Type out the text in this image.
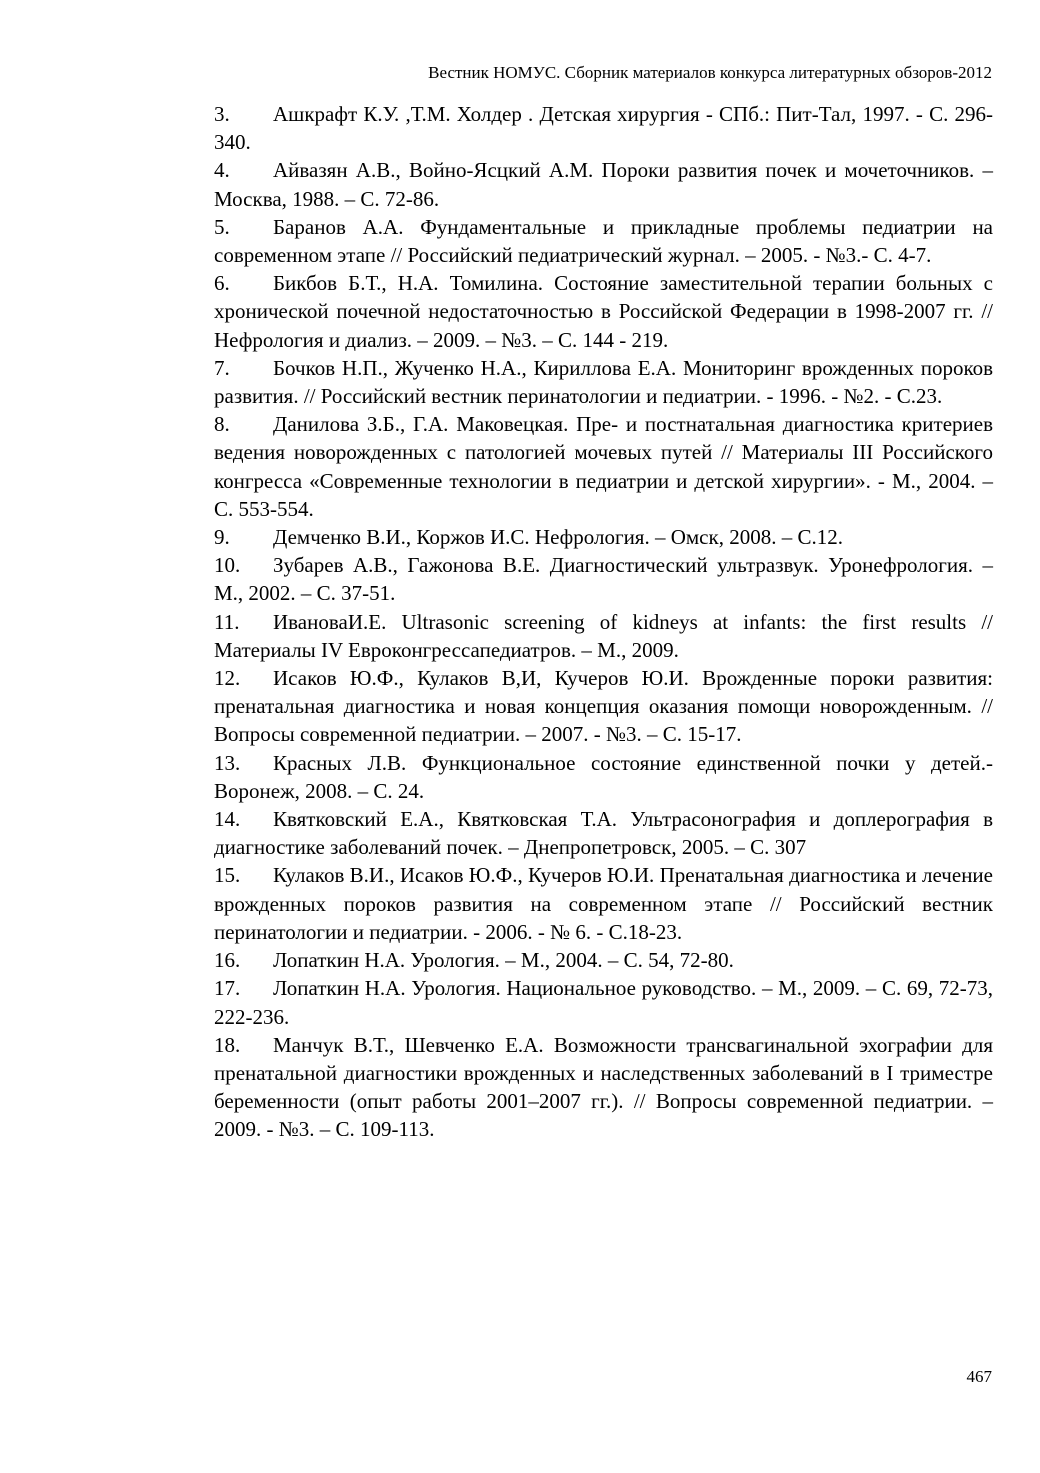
Вестник НОМУС. Сборник материалов конкурса литературных обзоров-2012

3. Ашкрафт К.У. ,Т.М. Холдер . Детская хирургия - СПб.: Пит-Тал, 1997. - С. 296-340.

4. Айвазян А.В., Войно-Ясцкий А.М. Пороки развития почек и мочеточников. – Москва, 1988. – С. 72-86.

5. Баранов А.А. Фундаментальные и прикладные проблемы педиатрии на современном этапе // Российский педиатрический журнал. – 2005. - №3.- С. 4-7.

6. Бикбов Б.Т., Н.А. Томилина. Состояние заместительной терапии больных с хронической почечной недостаточностью в Российской Федерации в 1998-2007 гг. // Нефрология и диализ. – 2009. – №3. – С. 144 - 219.

7. Бочков Н.П., Жученко Н.А., Кириллова Е.А. Мониторинг врожденных пороков развития. // Российский вестник перинатологии и педиатрии. - 1996. - №2. - С.23.

8. Данилова З.Б., Г.А. Маковецкая. Пре- и постнатальная диагностика критериев ведения новорожденных с патологией мочевых путей // Материалы III Российского конгресса «Современные технологии в педиатрии и детской хирургии». - М., 2004. – С. 553-554.

9. Демченко В.И., Коржов И.С. Нефрология. – Омск, 2008. – С.12.

10. Зубарев А.В., Гажонова В.Е. Диагностический ультразвук. Уронефрология. – М., 2002. – С. 37-51.

11. ИвановаИ.Е. Ultrasonic screening of kidneys at infants: the first results // Материалы IV Евроконгрессапедиатров. – М., 2009.

12. Исаков Ю.Ф., Кулаков В,И, Кучеров Ю.И. Врожденные пороки развития: пренатальная диагностика и новая концепция оказания помощи новорожденным. // Вопросы современной педиатрии. – 2007. - №3. – С. 15-17.

13. Красных Л.В. Функциональное состояние единственной почки у детей.- Воронеж, 2008. – С. 24.

14. Квятковский Е.А., Квятковская Т.А. Ультрасонография и доплерография в диагностике заболеваний почек. – Днепропетровск, 2005. – С. 307

15. Кулаков В.И., Исаков Ю.Ф., Кучеров Ю.И. Пренатальная диагностика и лечение врожденных пороков развития на современном этапе // Российский вестник перинатологии и педиатрии. - 2006. - № 6. - С.18-23.

16. Лопаткин Н.А. Урология. – М., 2004. – С. 54, 72-80.

17. Лопаткин Н.А. Урология. Национальное руководство. – М., 2009. – С. 69, 72-73, 222-236.

18. Манчук В.Т., Шевченко Е.А. Возможности трансвагинальной эхографии для пренатальной диагностики врожденных и наследственных заболеваний в I триместре беременности (опыт работы 2001–2007 гг.). // Вопросы современной педиатрии. – 2009. - №3. – С. 109-113.

467
